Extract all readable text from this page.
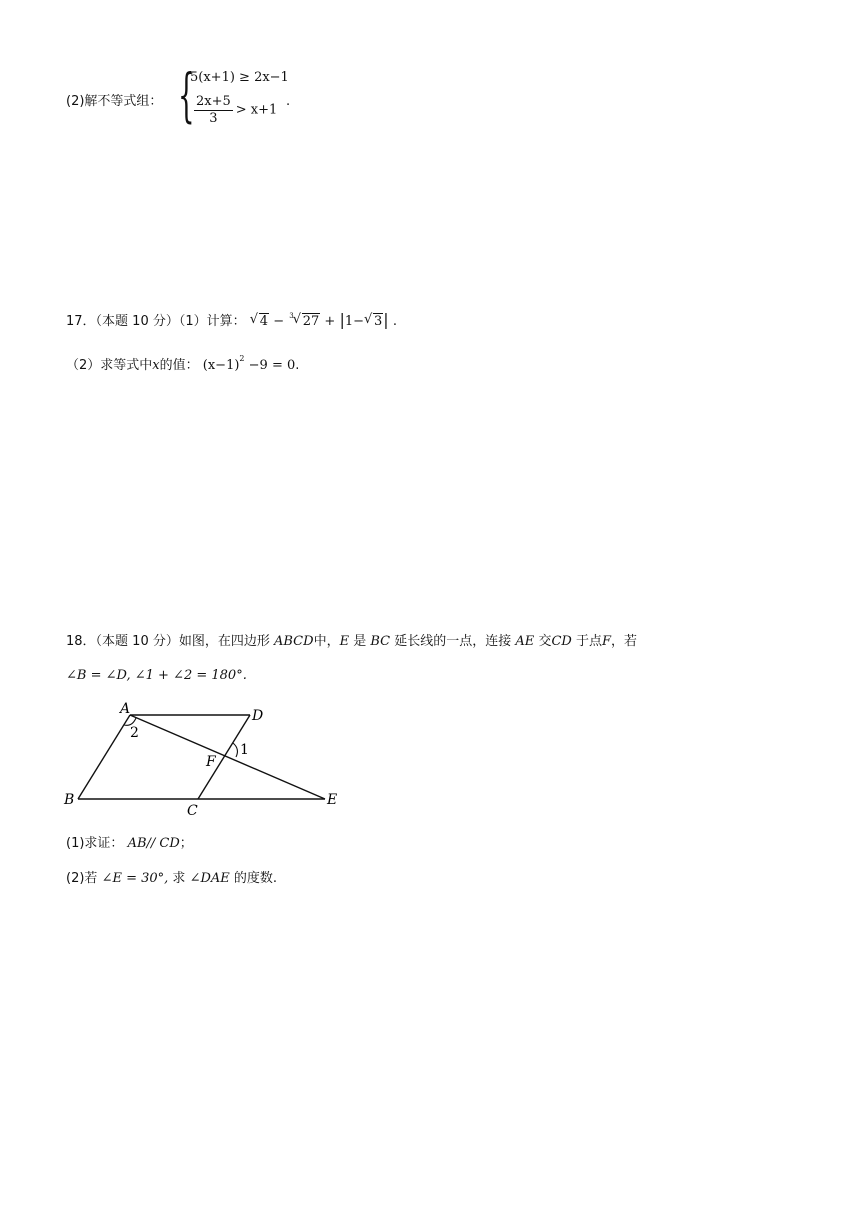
(2)解不等式组： {
5(x+1) ≥ 2x−1
$\frac{2x+5}{3} > x+1$
.
17．（本题 10 分）（1）计算： √ 4 − $^3$ √ 27 + |1− √ 3| .
（2）求等式中x的值： $(x-1)^2 -9 = 0$.
18．（本题 10 分）如图，在四边形 ABCD中，E 是 BC 延长线的一点，连接 AE 交CD 于点F，若
∠B = ∠D, ∠1 + ∠2 = 180°.
A	D
B
C
E
F
1
2
(1)求证： AB// CD；
(2)若 ∠E = 30°, 求 ∠DAE 的度数.
